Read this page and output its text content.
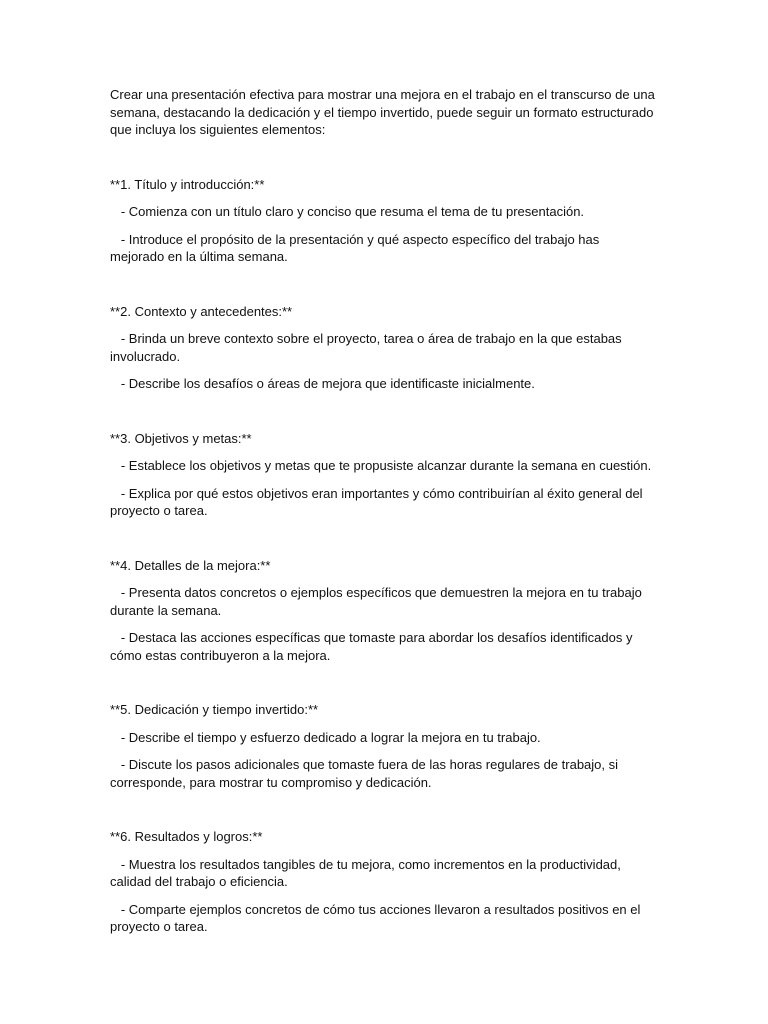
Crear una presentación efectiva para mostrar una mejora en el trabajo en el transcurso de una semana, destacando la dedicación y el tiempo invertido, puede seguir un formato estructurado que incluya los siguientes elementos:

**1. Título y introducción:**

- Comienza con un título claro y conciso que resuma el tema de tu presentación.

- Introduce el propósito de la presentación y qué aspecto específico del trabajo has mejorado en la última semana.

**2. Contexto y antecedentes:**

- Brinda un breve contexto sobre el proyecto, tarea o área de trabajo en la que estabas involucrado.

- Describe los desafíos o áreas de mejora que identificaste inicialmente.

**3. Objetivos y metas:**

- Establece los objetivos y metas que te propusiste alcanzar durante la semana en cuestión.

- Explica por qué estos objetivos eran importantes y cómo contribuirían al éxito general del proyecto o tarea.

**4. Detalles de la mejora:**

- Presenta datos concretos o ejemplos específicos que demuestren la mejora en tu trabajo durante la semana.

- Destaca las acciones específicas que tomaste para abordar los desafíos identificados y cómo estas contribuyeron a la mejora.

**5. Dedicación y tiempo invertido:**

- Describe el tiempo y esfuerzo dedicado a lograr la mejora en tu trabajo.

- Discute los pasos adicionales que tomaste fuera de las horas regulares de trabajo, si corresponde, para mostrar tu compromiso y dedicación.

**6. Resultados y logros:**

- Muestra los resultados tangibles de tu mejora, como incrementos en la productividad, calidad del trabajo o eficiencia.

- Comparte ejemplos concretos de cómo tus acciones llevaron a resultados positivos en el proyecto o tarea.
